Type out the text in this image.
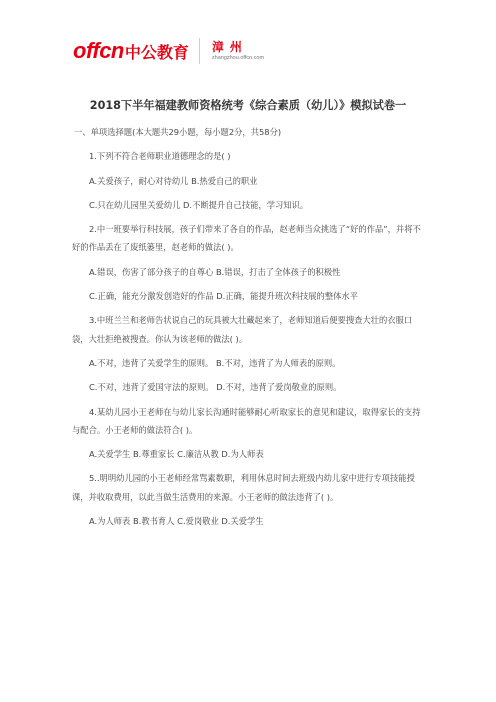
offcn 中公教育 漳州
zhangzhou.offcn.com
2018下半年福建教师资格统考《综合素质（幼儿）》模拟试卷一

一、单项选择题(本大题共29小题，每小题2分，共58分)

1.下列不符合老师职业道德理念的是( )

A.关爱孩子，耐心对待幼儿 B.热爱自己的职业

C.只在幼儿园里关爱幼儿 D.不断提升自己技能，学习知识。

2.中一班要举行科技展，孩子们带来了各自的作品，赵老师当众挑选了“好的作品”，并将不好的作品丢在了废纸篓里，赵老师的做法( )。

A.错误，伤害了部分孩子的自尊心 B.错误，打击了全体孩子的积极性

C.正确，能充分激发创造好的作品 D.正确，能提升班次科技展的整体水平

3.中班兰兰和老师告状说自己的玩具被大壮藏起来了，老师知道后便要搜查大壮的衣服口袋，大壮拒绝被搜查。你认为该老师的做法( )。

A.不对，违背了关爱学生的原则。 B.不对，违背了为人师表的原则。

C.不对，违背了爱国守法的原则。 D.不对，违背了爱岗敬业的原则。

4.某幼儿园小王老师在与幼儿家长沟通时能够耐心听取家长的意见和建议，取得家长的支持与配合。小王老师的做法符合( )。

A.关爱学生 B.尊重家长 C.廉洁从教 D.为人师表

5..明明幼儿园的小王老师经常骂素数职，利用休息时间去班级内幼儿家中进行专项技能授课，并收取费用，以此当做生活费用的来源。小王老师的做法违背了( )。

A.为人师表 B.教书育人 C.爱岗敬业 D.关爱学生
